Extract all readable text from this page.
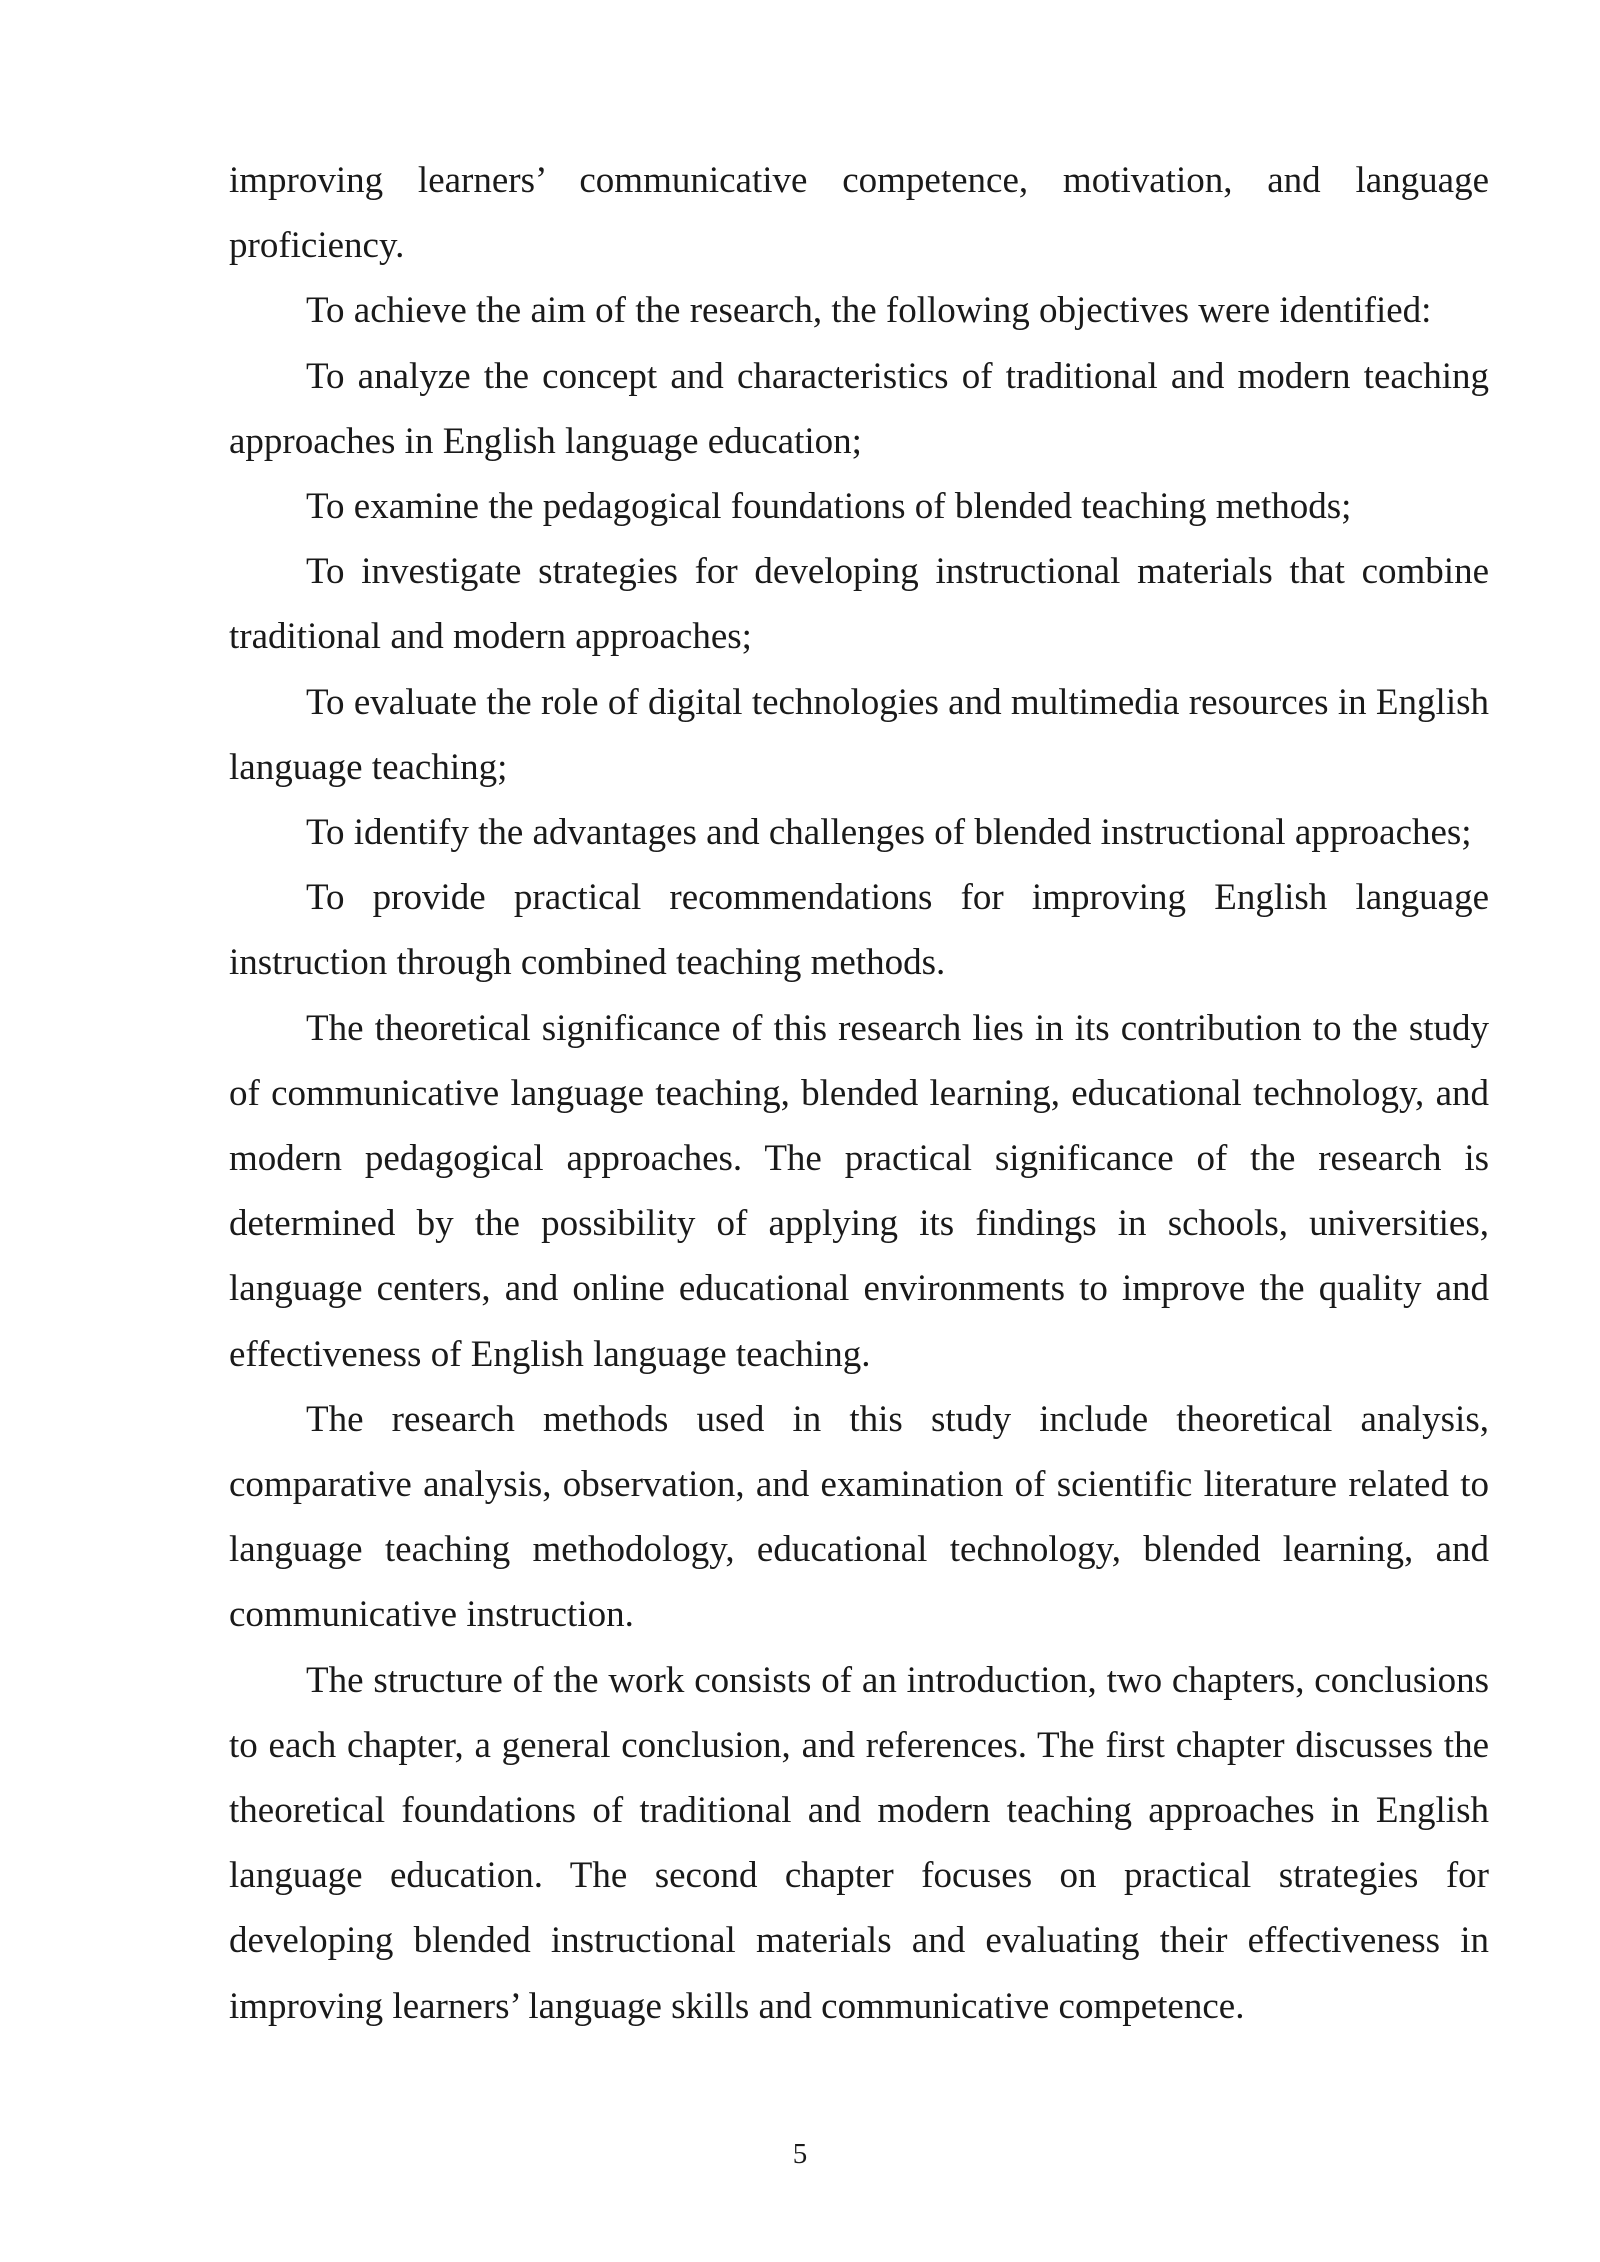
improving learners’ communicative competence, motivation, and language proficiency.

To achieve the aim of the research, the following objectives were identified:

To analyze the concept and characteristics of traditional and modern teaching approaches in English language education;

To examine the pedagogical foundations of blended teaching methods;

To investigate strategies for developing instructional materials that combine traditional and modern approaches;

To evaluate the role of digital technologies and multimedia resources in English language teaching;

To identify the advantages and challenges of blended instructional approaches;

To provide practical recommendations for improving English language instruction through combined teaching methods.

The theoretical significance of this research lies in its contribution to the study of communicative language teaching, blended learning, educational technology, and modern pedagogical approaches. The practical significance of the research is determined by the possibility of applying its findings in schools, universities, language centers, and online educational environments to improve the quality and effectiveness of English language teaching.

The research methods used in this study include theoretical analysis, comparative analysis, observation, and examination of scientific literature related to language teaching methodology, educational technology, blended learning, and communicative instruction.

The structure of the work consists of an introduction, two chapters, conclusions to each chapter, a general conclusion, and references. The first chapter discusses the theoretical foundations of traditional and modern teaching approaches in English language education. The second chapter focuses on practical strategies for developing blended instructional materials and evaluating their effectiveness in improving learners’ language skills and communicative competence.

5
